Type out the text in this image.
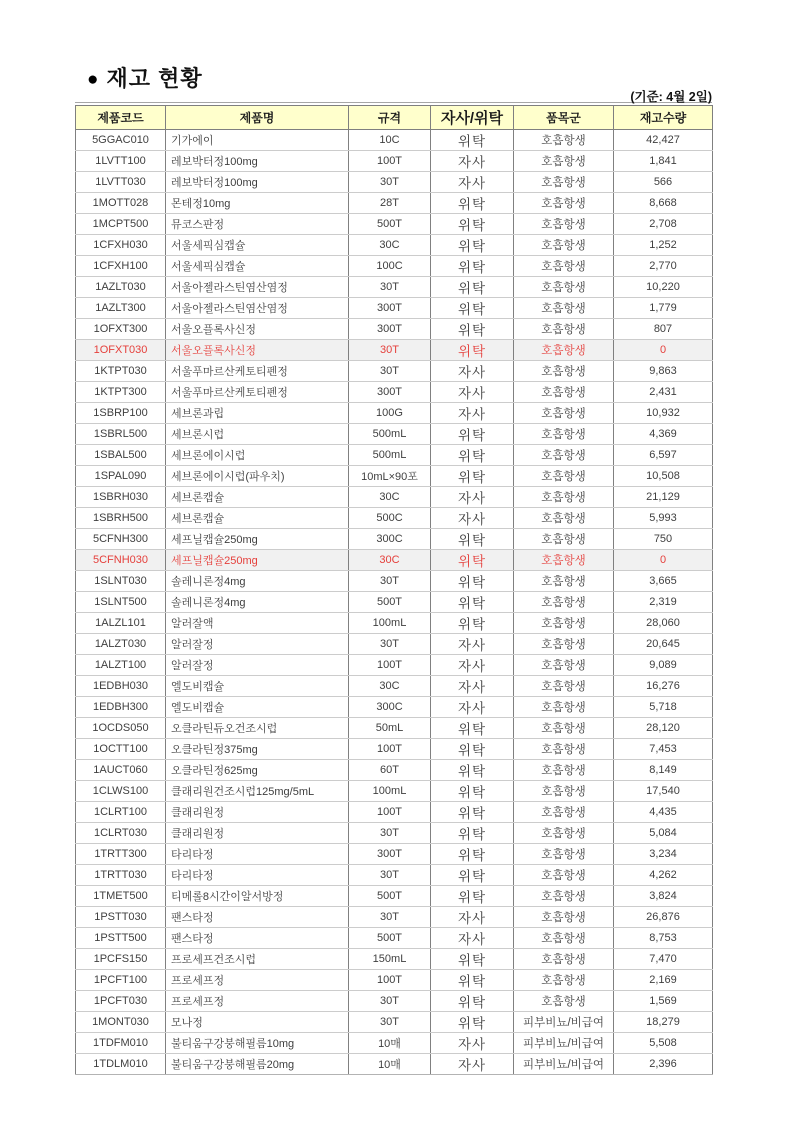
● 재고 현황
(기준: 4월 2일)
제품코드	제품명	규격	자사/위탁	품목군	재고수량
5GGAC010	기가에이	10C	위탁	호흡항생	42,427
1LVTT100	레보박터정100mg	100T	자사	호흡항생	1,841
1LVTT030	레보박터정100mg	30T	자사	호흡항생	566
1MOTT028	몬테정10mg	28T	위탁	호흡항생	8,668
1MCPT500	뮤코스판정	500T	위탁	호흡항생	2,708
1CFXH030	서울세픽심캡슐	30C	위탁	호흡항생	1,252
1CFXH100	서울세픽심캡슐	100C	위탁	호흡항생	2,770
1AZLT030	서울아젤라스틴염산염정	30T	위탁	호흡항생	10,220
1AZLT300	서울아젤라스틴염산염정	300T	위탁	호흡항생	1,779
1OFXT300	서울오플록사신정	300T	위탁	호흡항생	807
1OFXT030	서울오플록사신정	30T	위탁	호흡항생	0
1KTPT030	서울푸마르산케토티펜정	30T	자사	호흡항생	9,863
1KTPT300	서울푸마르산케토티펜정	300T	자사	호흡항생	2,431
1SBRP100	세브론과립	100G	자사	호흡항생	10,932
1SBRL500	세브론시럽	500mL	위탁	호흡항생	4,369
1SBAL500	세브론에이시럽	500mL	위탁	호흡항생	6,597
1SPAL090	세브론에이시럽(파우치)	10mL×90포	위탁	호흡항생	10,508
1SBRH030	세브론캡슐	30C	자사	호흡항생	21,129
1SBRH500	세브론캡슐	500C	자사	호흡항생	5,993
5CFNH300	세프닐캡슐250mg	300C	위탁	호흡항생	750
5CFNH030	세프닐캡슐250mg	30C	위탁	호흡항생	0
1SLNT030	솔레니론정4mg	30T	위탁	호흡항생	3,665
1SLNT500	솔레니론정4mg	500T	위탁	호흡항생	2,319
1ALZL101	알러잘액	100mL	위탁	호흡항생	28,060
1ALZT030	알러잘정	30T	자사	호흡항생	20,645
1ALZT100	알러잘정	100T	자사	호흡항생	9,089
1EDBH030	엘도비캡슐	30C	자사	호흡항생	16,276
1EDBH300	엘도비캡슐	300C	자사	호흡항생	5,718
1OCDS050	오클라틴듀오건조시럽	50mL	위탁	호흡항생	28,120
1OCTT100	오클라틴정375mg	100T	위탁	호흡항생	7,453
1AUCT060	오클라틴정625mg	60T	위탁	호흡항생	8,149
1CLWS100	클래리원건조시럽125mg/5mL	100mL	위탁	호흡항생	17,540
1CLRT100	클래리원정	100T	위탁	호흡항생	4,435
1CLRT030	클래리원정	30T	위탁	호흡항생	5,084
1TRTT300	타리타정	300T	위탁	호흡항생	3,234
1TRTT030	타리타정	30T	위탁	호흡항생	4,262
1TMET500	티메롤8시간이알서방정	500T	위탁	호흡항생	3,824
1PSTT030	팬스타정	30T	자사	호흡항생	26,876
1PSTT500	팬스타정	500T	자사	호흡항생	8,753
1PCFS150	프로세프건조시럽	150mL	위탁	호흡항생	7,470
1PCFT100	프로세프정	100T	위탁	호흡항생	2,169
1PCFT030	프로세프정	30T	위탁	호흡항생	1,569
1MONT030	모나정	30T	위탁	피부비뇨/비급여	18,279
1TDFM010	불티움구강붕해필름10mg	10매	자사	피부비뇨/비급여	5,508
1TDLM010	불티움구강붕해필름20mg	10매	자사	피부비뇨/비급여	2,396
